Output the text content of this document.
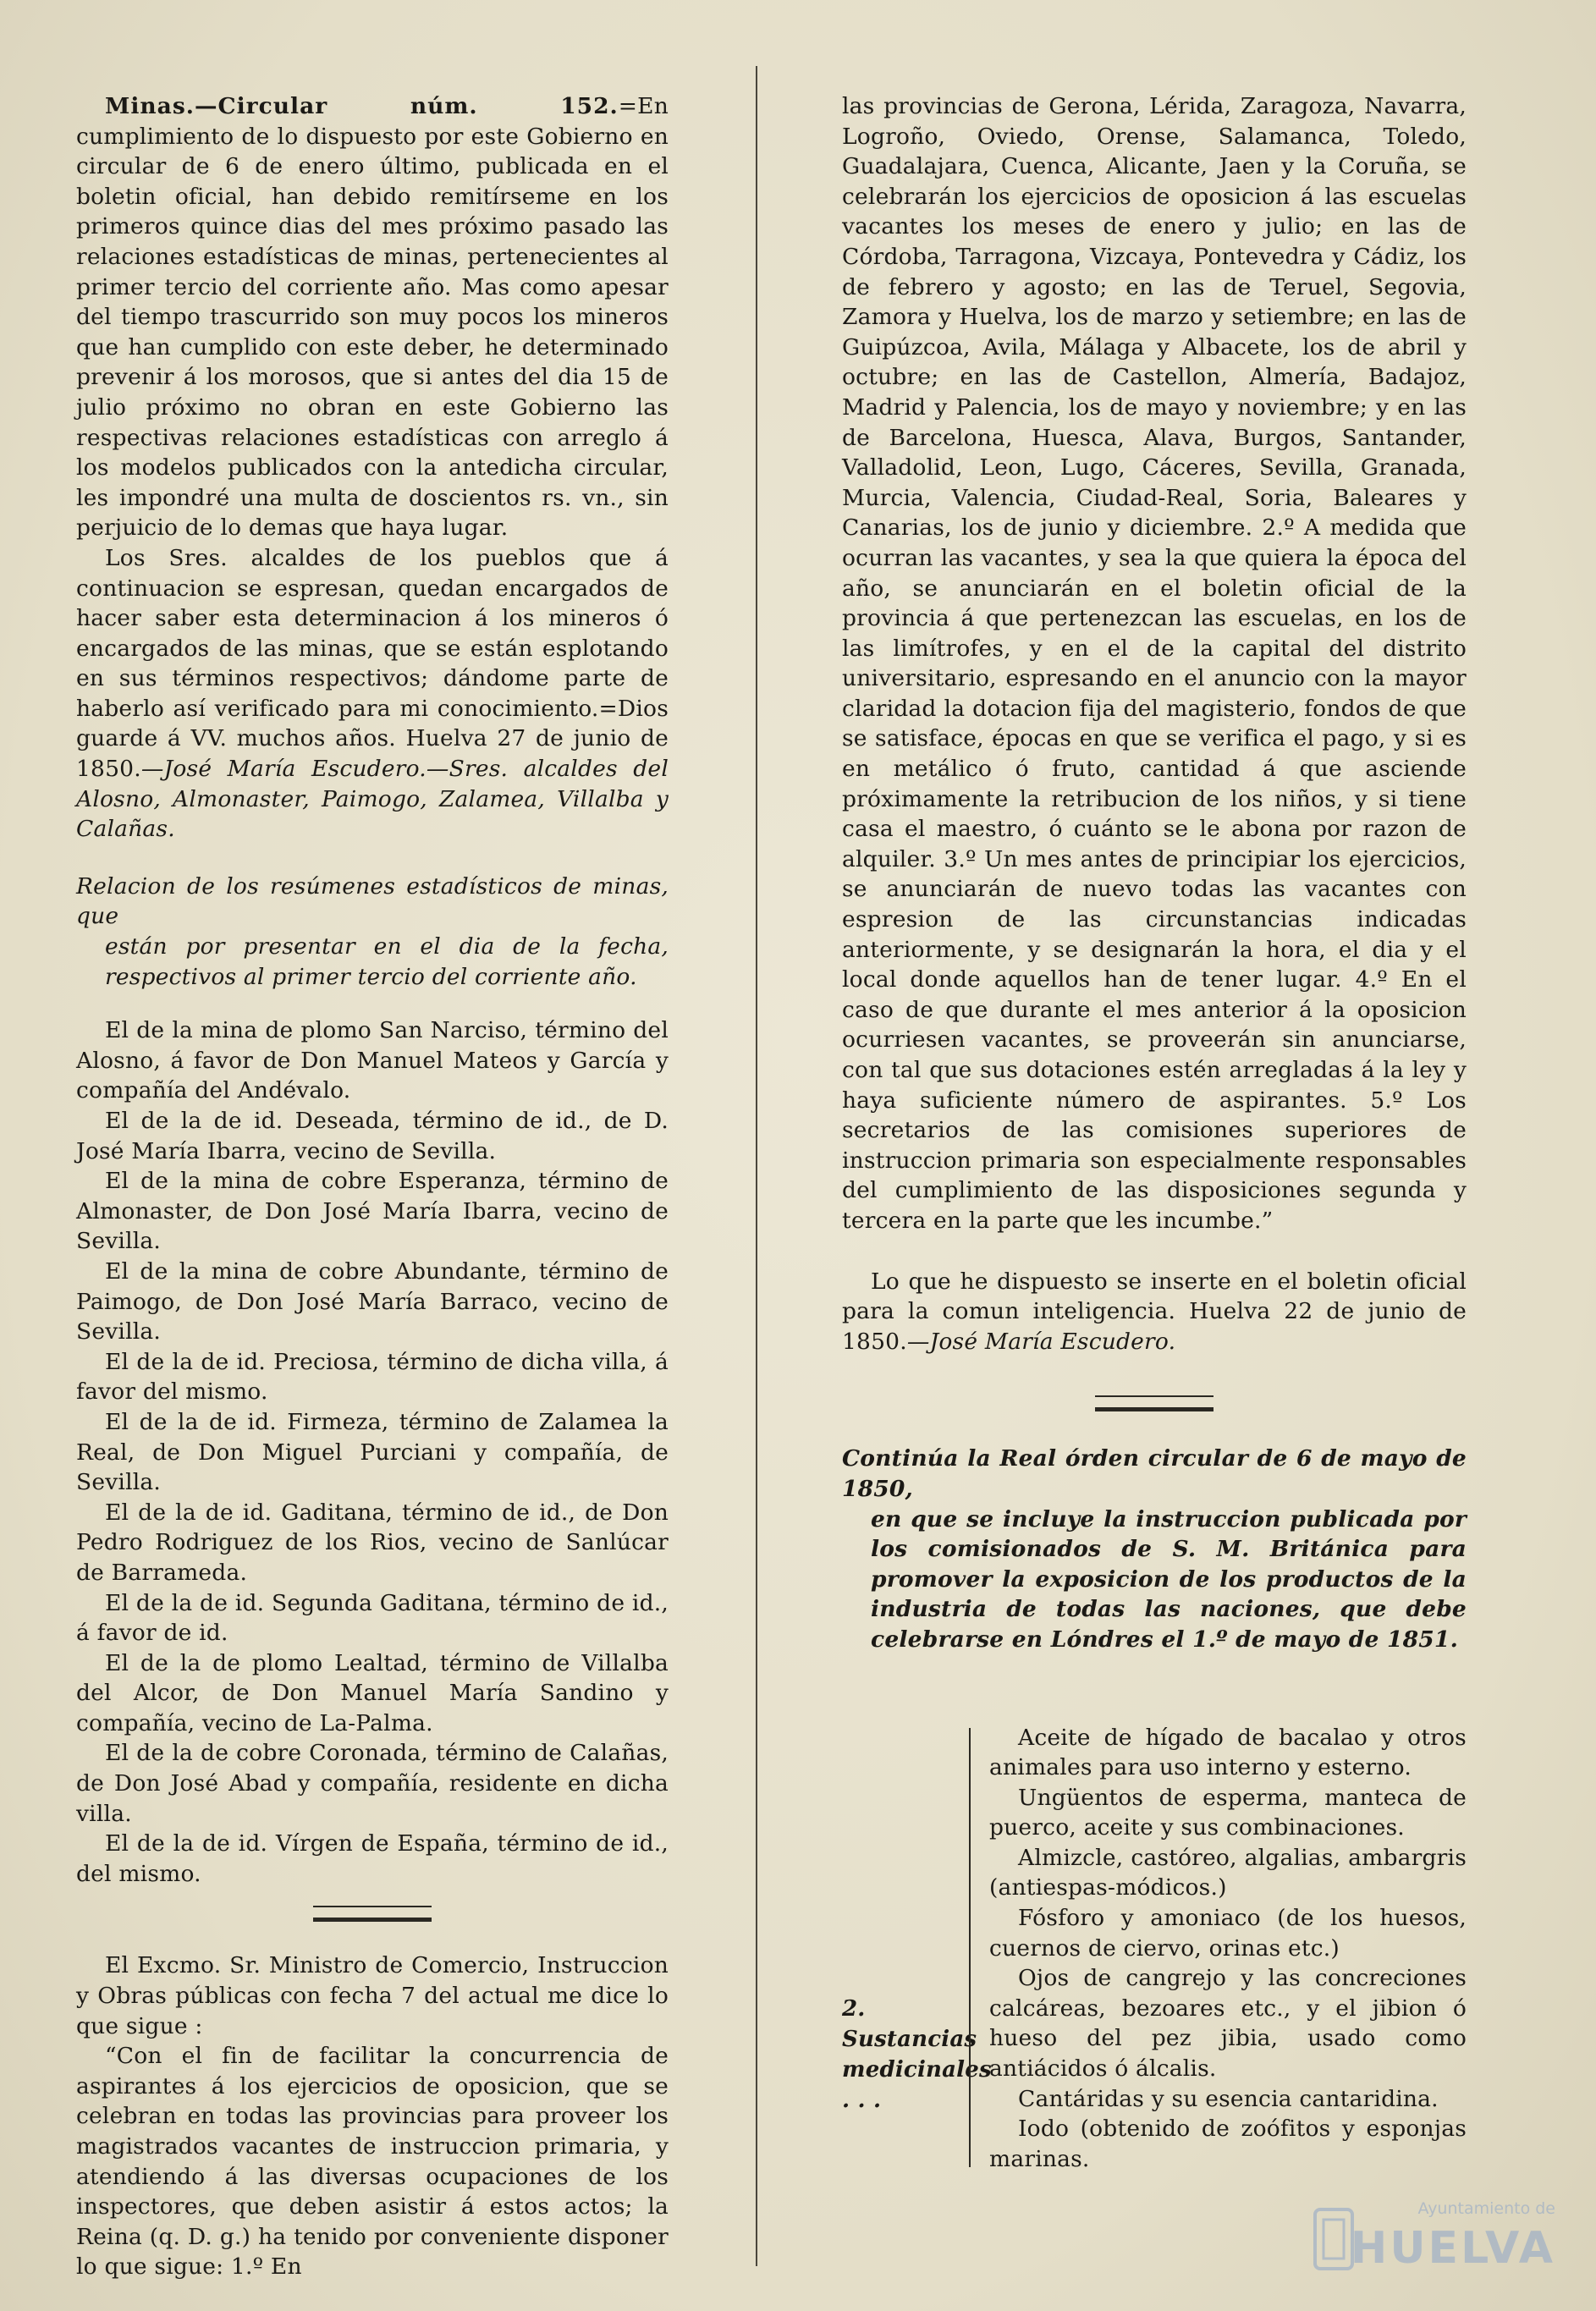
Minas.—Circular núm. 152.=En cumplimiento de lo dispuesto por este Gobierno en circular de 6 de enero último, publicada en el boletin oficial, han debido remitírseme en los primeros quince dias del mes próximo pasado las relaciones estadísticas de minas, pertenecientes al primer tercio del corriente año. Mas como apesar del tiempo trascurrido son muy pocos los mineros que han cumplido con este deber, he determinado prevenir á los morosos, que si antes del dia 15 de julio próximo no obran en este Gobierno las respectivas relaciones estadísticas con arreglo á los modelos publicados con la antedicha circular, les impondré una multa de doscientos rs. vn., sin perjuicio de lo demas que haya lugar.

Los Sres. alcaldes de los pueblos que á continuacion se espresan, quedan encargados de hacer saber esta determinacion á los mineros ó encargados de las minas, que se están esplotando en sus términos respectivos; dándome parte de haberlo así verificado para mi conocimiento.=Dios guarde á VV. muchos años. Huelva 27 de junio de 1850.—José María Escudero.—Sres. alcaldes del Alosno, Almonaster, Paimogo, Zalamea, Villalba y Calañas.

Relacion de los resúmenes estadísticos de minas, que
están por presentar en el dia de la fecha, respectivos al primer tercio del corriente año.

El de la mina de plomo San Narciso, término del Alosno, á favor de Don Manuel Mateos y García y compañía del Andévalo.

El de la de id. Deseada, término de id., de D. José María Ibarra, vecino de Sevilla.

El de la mina de cobre Esperanza, término de Almonaster, de Don José María Ibarra, vecino de Sevilla.

El de la mina de cobre Abundante, término de Paimogo, de Don José María Barraco, vecino de Sevilla.

El de la de id. Preciosa, término de dicha villa, á favor del mismo.

El de la de id. Firmeza, término de Zalamea la Real, de Don Miguel Purciani y compañía, de Sevilla.

El de la de id. Gaditana, término de id., de Don Pedro Rodriguez de los Rios, vecino de Sanlúcar de Barrameda.

El de la de id. Segunda Gaditana, término de id., á favor de id.

El de la de plomo Lealtad, término de Villalba del Alcor, de Don Manuel María Sandino y compañía, vecino de La-Palma.

El de la de cobre Coronada, término de Calañas, de Don José Abad y compañía, residente en dicha villa.

El de la de id. Vírgen de España, término de id., del mismo.

El Excmo. Sr. Ministro de Comercio, Instruccion y Obras públicas con fecha 7 del actual me dice lo que sigue :

“Con el fin de facilitar la concurrencia de aspirantes á los ejercicios de oposicion, que se celebran en todas las provincias para proveer los magistrados vacantes de instruccion primaria, y atendiendo á las diversas ocupaciones de los inspectores, que deben asistir á estos actos; la Reina (q. D. g.) ha tenido por conveniente disponer lo que sigue: 1.º En

las provincias de Gerona, Lérida, Zaragoza, Navarra, Logroño, Oviedo, Orense, Salamanca, Toledo, Guadalajara, Cuenca, Alicante, Jaen y la Coruña, se celebrarán los ejercicios de oposicion á las escuelas vacantes los meses de enero y julio; en las de Córdoba, Tarragona, Vizcaya, Pontevedra y Cádiz, los de febrero y agosto; en las de Teruel, Segovia, Zamora y Huelva, los de marzo y setiembre; en las de Guipúzcoa, Avila, Málaga y Albacete, los de abril y octubre; en las de Castellon, Almería, Badajoz, Madrid y Palencia, los de mayo y noviembre; y en las de Barcelona, Huesca, Alava, Burgos, Santander, Valladolid, Leon, Lugo, Cáceres, Sevilla, Granada, Murcia, Valencia, Ciudad-Real, Soria, Baleares y Canarias, los de junio y diciembre. 2.º A medida que ocurran las vacantes, y sea la que quiera la época del año, se anunciarán en el boletin oficial de la provincia á que pertenezcan las escuelas, en los de las limítrofes, y en el de la capital del distrito universitario, espresando en el anuncio con la mayor claridad la dotacion fija del magisterio, fondos de que se satisface, épocas en que se verifica el pago, y si es en metálico ó fruto, cantidad á que asciende próximamente la retribucion de los niños, y si tiene casa el maestro, ó cuánto se le abona por razon de alquiler. 3.º Un mes antes de principiar los ejercicios, se anunciarán de nuevo todas las vacantes con espresion de las circunstancias indicadas anteriormente, y se designarán la hora, el dia y el local donde aquellos han de tener lugar. 4.º En el caso de que durante el mes anterior á la oposicion ocurriesen vacantes, se proveerán sin anunciarse, con tal que sus dotaciones estén arregladas á la ley y haya suficiente número de aspirantes. 5.º Los secretarios de las comisiones superiores de instruccion primaria son especialmente responsables del cumplimiento de las disposiciones segunda y tercera en la parte que les incumbe.”

Lo que he dispuesto se inserte en el boletin oficial para la comun inteligencia. Huelva 22 de junio de 1850.—José María Escudero.

Continúa la Real órden circular de 6 de mayo de 1850,
en que se incluye la instruccion publicada por los comisionados de S. M. Británica para promover la exposicion de los productos de la industria de todas las naciones, que debe celebrarse en Lóndres el 1.º de mayo de 1851.

2. Sustancias medicinales . . .

Aceite de hígado de bacalao y otros animales para uso interno y esterno.

Ungüentos de esperma, manteca de puerco, aceite y sus combinaciones.

Almizcle, castóreo, algalias, ambargris (antiespas-módicos.)

Fósforo y amoniaco (de los huesos, cuernos de ciervo, orinas etc.)

Ojos de cangrejo y las concreciones calcáreas, bezoares etc., y el jibion ó hueso del pez jibia, usado como antiácidos ó álcalis.

Cantáridas y su esencia cantaridina.

Iodo (obtenido de zoófitos y esponjas marinas.

Ayuntamiento de
HUELVA
